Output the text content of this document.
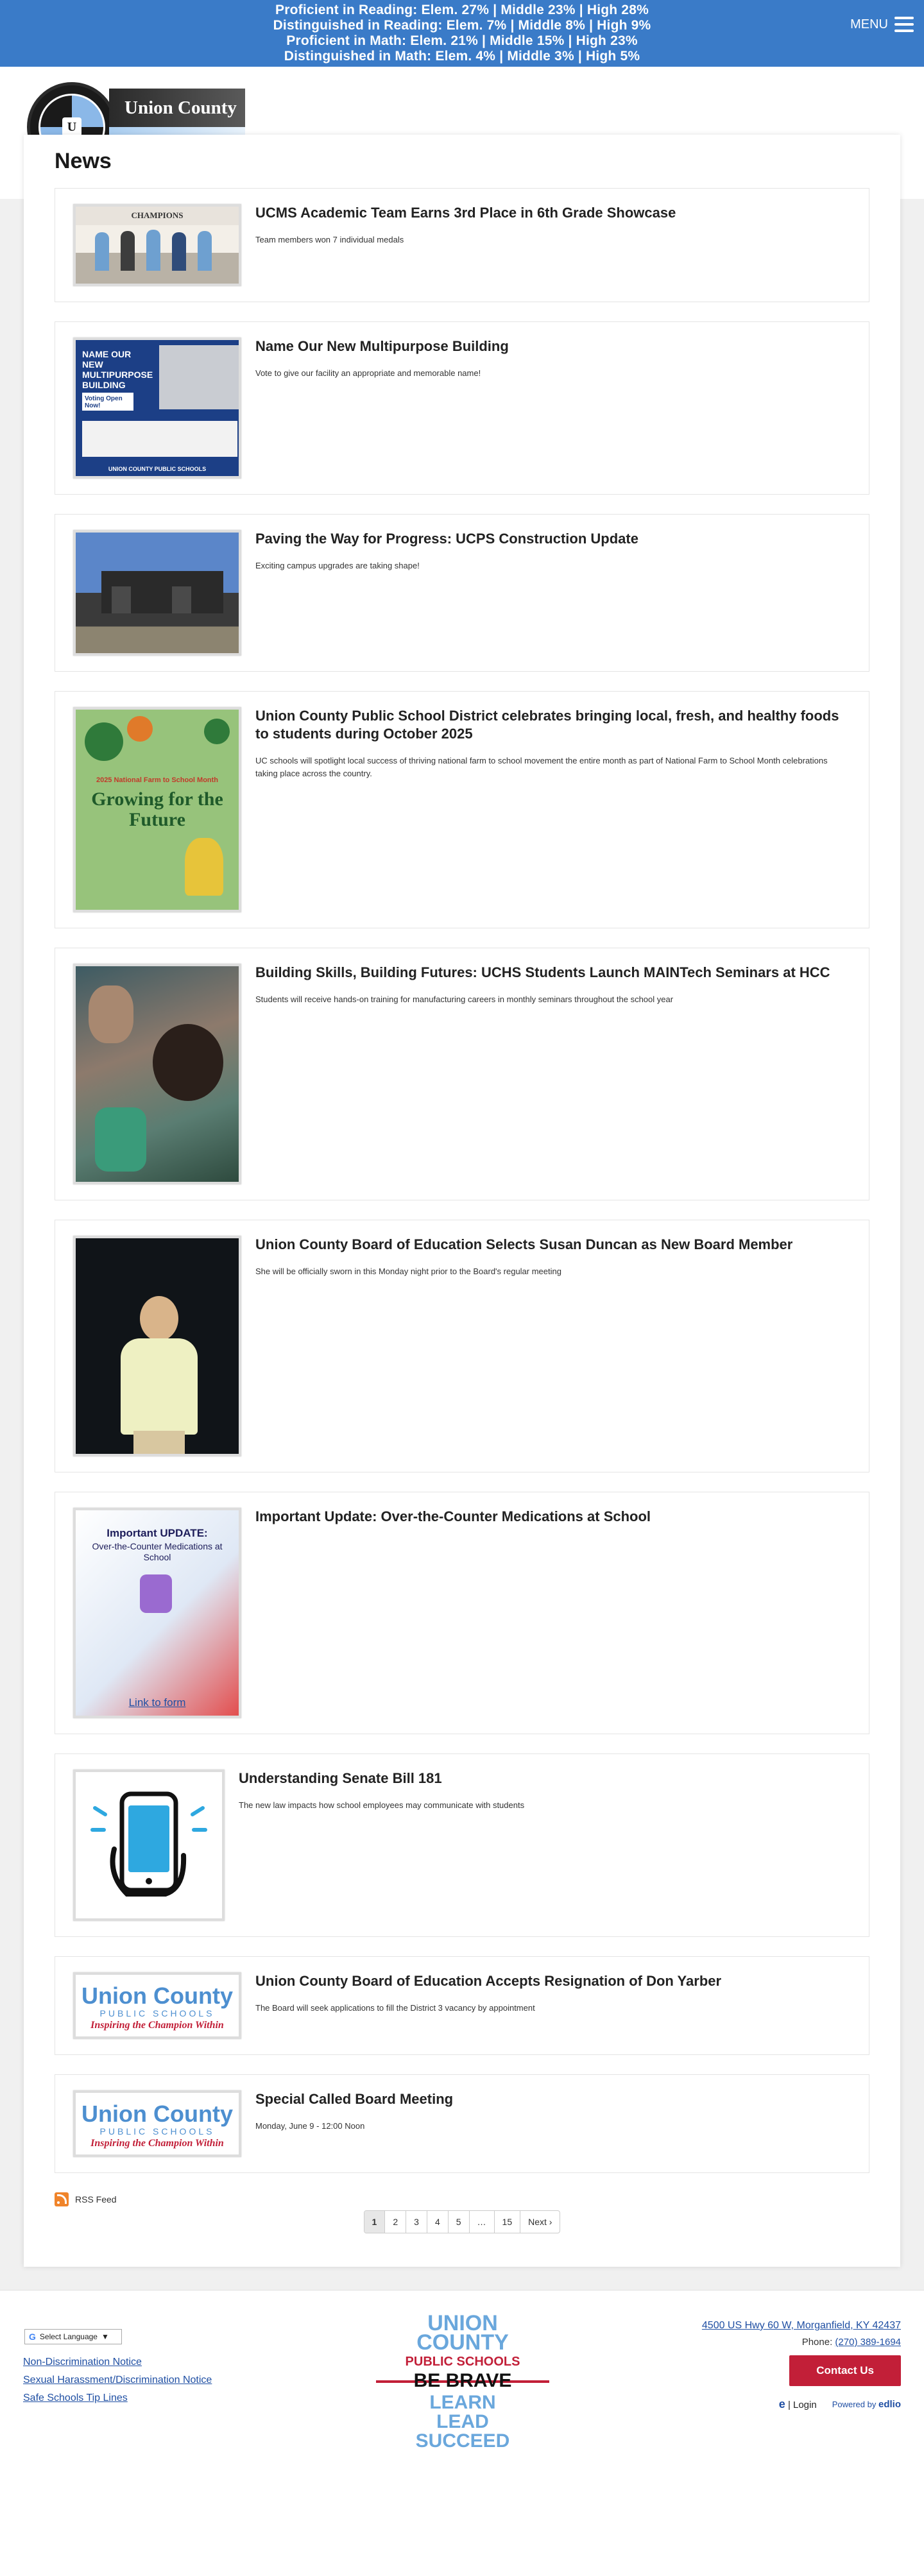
Proficient in Reading: Elem. 27% | Middle 23% | High 28%
Distinguished in Reading: Elem. 7% | Middle 8% | High 9%
Proficient in Math: Elem. 21% | Middle 15% | High 23%
Distinguished in Math: Elem. 4% | Middle 3% | High 5%
MENU
U
Union County
News
CHAMPIONS	UCMS Academic Team Earns 3rd Place in 6th Grade Showcase
Team members won 7 individual medals
NAME OUR NEW MULTIPURPOSE BUILDING
Voting Open Now!
UNION COUNTY PUBLIC SCHOOLS
Name Our New Multipurpose Building
Vote to give our facility an appropriate and memorable name!
Paving the Way for Progress: UCPS Construction Update
Exciting campus upgrades are taking shape!
2025 National Farm to School Month
Growing for the Future
Union County Public School District celebrates bringing local, fresh, and healthy foods to students during October 2025
UC schools will spotlight local success of thriving national farm to school movement the entire month as part of National Farm to School Month celebrations taking place across the country.
Building Skills, Building Futures: UCHS Students Launch MAINTech Seminars at HCC
Students will receive hands-on training for manufacturing careers in monthly seminars throughout the school year
Union County Board of Education Selects Susan Duncan as New Board Member
She will be officially sworn in this Monday night prior to the Board's regular meeting
Important UPDATE:
Over-the-Counter Medications at School
Link to form
Important Update: Over-the-Counter Medications at School
Understanding Senate Bill 181
The new law impacts how school employees may communicate with students
Union County
PUBLIC SCHOOLS
Inspiring the Champion Within
Union County Board of Education Accepts Resignation of Don Yarber
The Board will seek applications to fill the District 3 vacancy by appointment
Union County
PUBLIC SCHOOLS
Inspiring the Champion Within
Special Called Board Meeting
Monday, June 9 - 12:00 Noon
RSS Feed
1	2	3	4	5	…	15	Next ›
G Select Language ▼
Non-Discrimination Notice
Sexual Harassment/Discrimination Notice
Safe Schools Tip Lines
UNION
COUNTY
PUBLIC SCHOOLS
BE BRAVE
LEARN
LEAD
SUCCEED
4500 US Hwy 60 W, Morganfield, KY 42437
Phone: (270) 389-1694
Contact Us
e | Login Powered by edlio
